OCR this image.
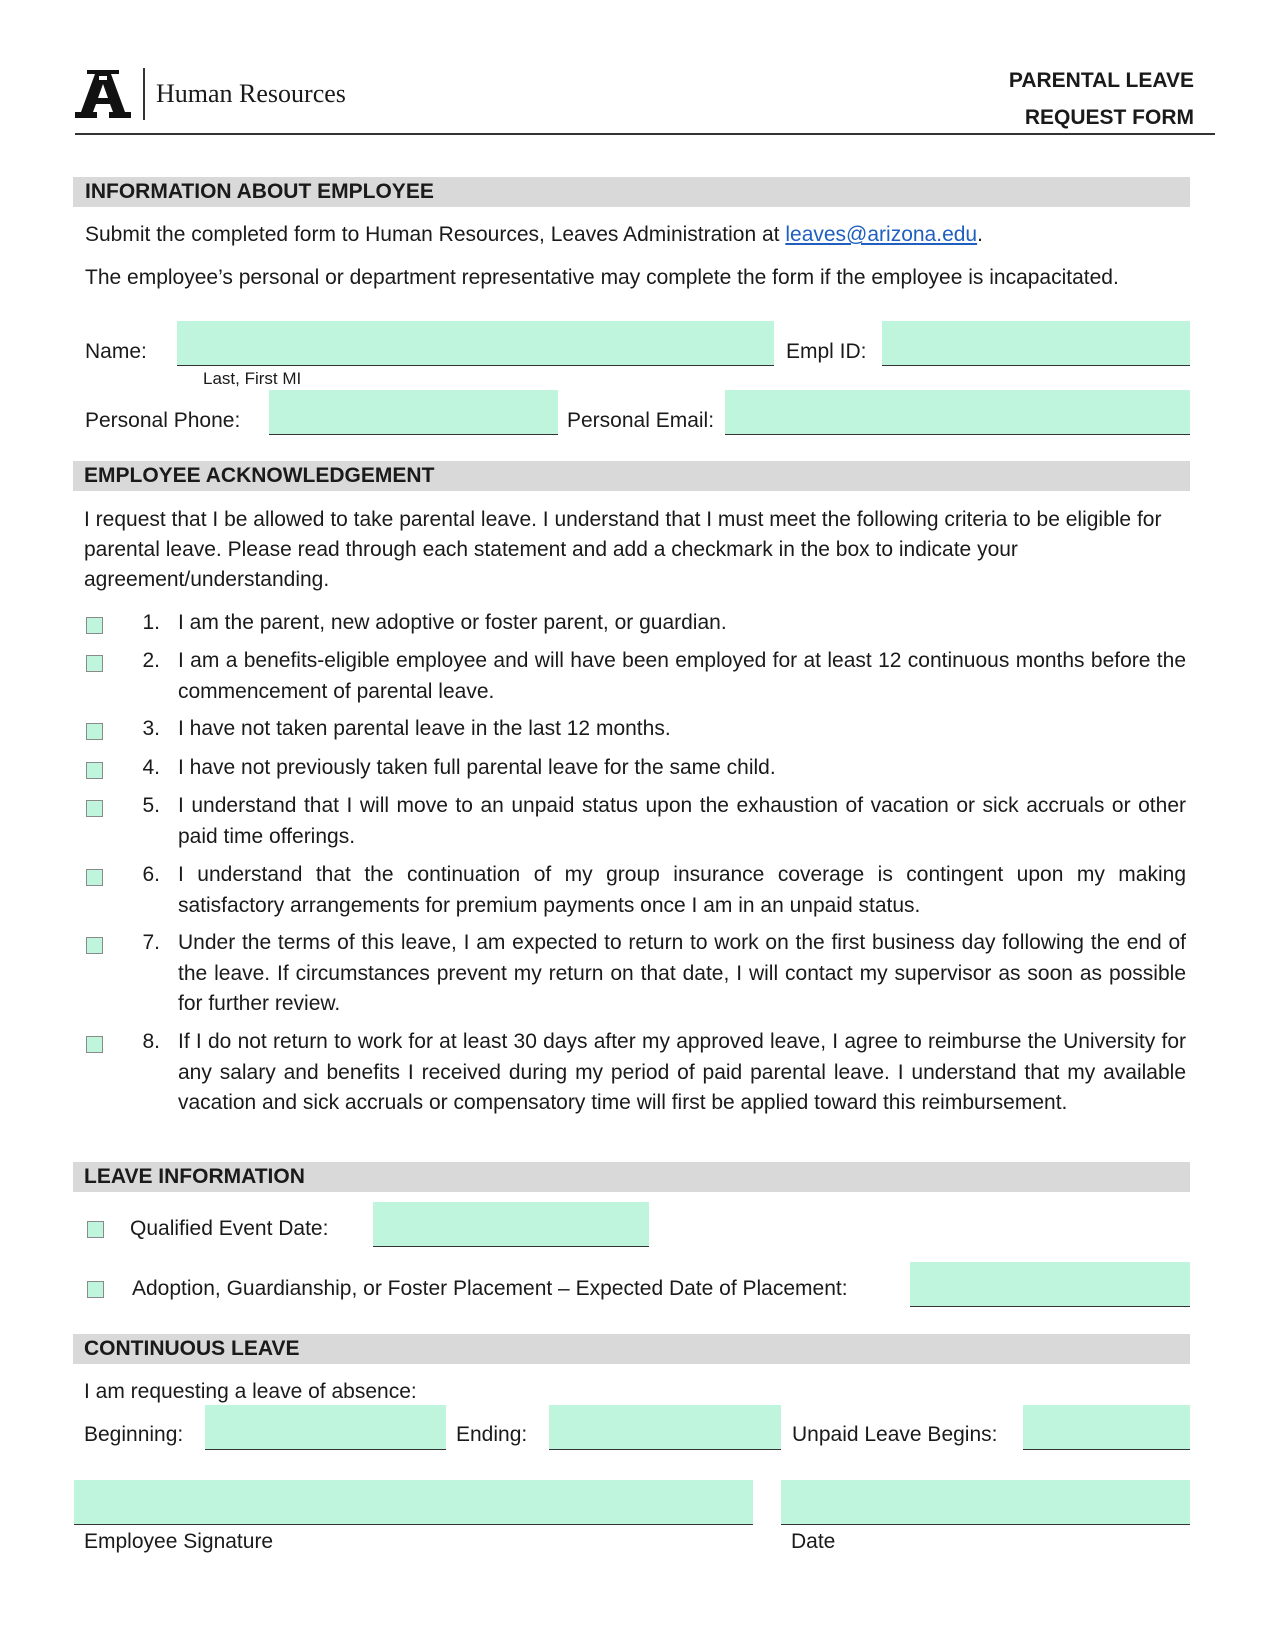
Human Resources	PARENTAL LEAVE
REQUEST FORM
INFORMATION ABOUT EMPLOYEE
Submit the completed form to Human Resources, Leaves Administration at leaves@arizona.edu.
The employee’s personal or department representative may complete the form if the employee is incapacitated.
Name:
Last, First MI
Empl ID:
Personal Phone:	Personal Email:
EMPLOYEE ACKNOWLEDGEMENT
I request that I be allowed to take parental leave. I understand that I must meet the following criteria to be eligible for parental leave. Please read through each statement and add a checkmark in the box to indicate your agreement/understanding.
1. I am the parent, new adoptive or foster parent, or guardian.
2. I am a benefits-eligible employee and will have been employed for at least 12 continuous months before the commencement of parental leave.
3. I have not taken parental leave in the last 12 months.
4. I have not previously taken full parental leave for the same child.
5. I understand that I will move to an unpaid status upon the exhaustion of vacation or sick accruals or other paid time offerings.
6. I understand that the continuation of my group insurance coverage is contingent upon my making satisfactory arrangements for premium payments once I am in an unpaid status.
7. Under the terms of this leave, I am expected to return to work on the first business day following the end of the leave. If circumstances prevent my return on that date, I will contact my supervisor as soon as possible for further review.
8. If I do not return to work for at least 30 days after my approved leave, I agree to reimburse the University for any salary and benefits I received during my period of paid parental leave. I understand that my available vacation and sick accruals or compensatory time will first be applied toward this reimbursement.
LEAVE INFORMATION
Qualified Event Date:
Adoption, Guardianship, or Foster Placement – Expected Date of Placement:
CONTINUOUS LEAVE
I am requesting a leave of absence:
Beginning:	Ending:	Unpaid Leave Begins:
Employee Signature	Date
